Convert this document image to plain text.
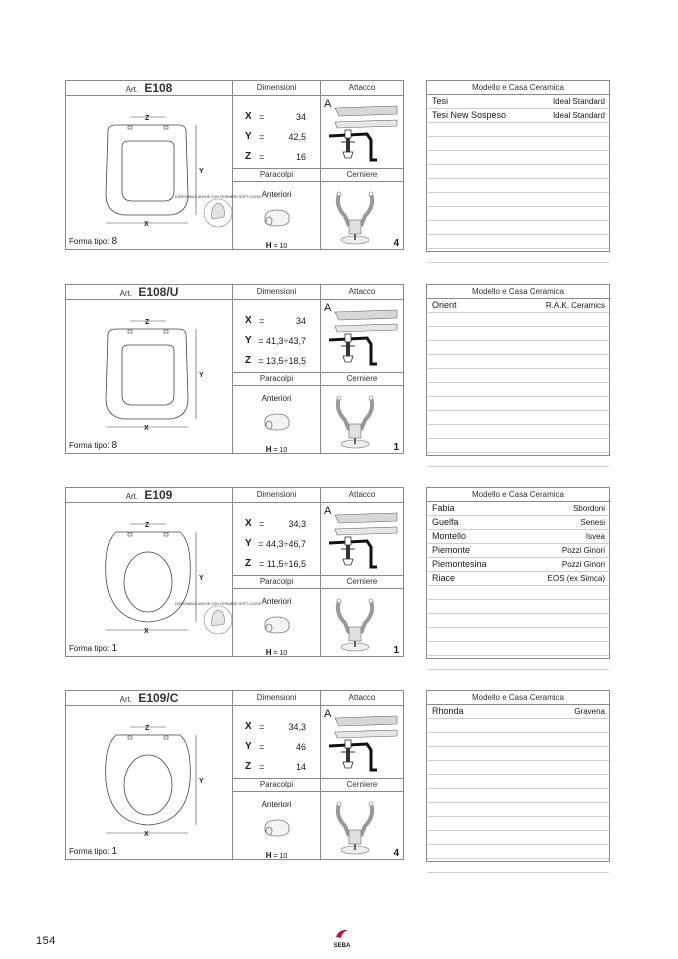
Art. E108
Z
X
Y
DISPONIBILE ANCHE CON CERNIERE SOFT CLOSE
Forma tipo: 8
Dimensioni
X =	34
Y =	42,5
Z =	16
Paracolpi
Anteriori
H = 10
Attacco
A
Cerniere
4
Modello e Casa Ceramica
Tesi	Ideal Standard
Tesi New Sospeso	Ideal Standard
Art. E108/U
Z
X
Y
Forma tipo: 8
Dimensioni
X =	34
Y = 41,3÷43,7
Z = 13,5÷18,5
Paracolpi
Anteriori
H = 10
Attacco
A
Cerniere
1
Modello e Casa Ceramica
Orient	R.A.K. Ceramics
Art. E109
Z
X
Y
DISPONIBILE ANCHE CON CERNIERE SOFT CLOSE
Forma tipo: 1
Dimensioni
X =	34,3
Y = 44,3÷46,7
Z = 11,5÷16,5
Paracolpi
Anteriori
H = 10
Attacco
A
Cerniere
1
Modello e Casa Ceramica
Fabia	Sbordoni
Guelfa	Senesi
Montello	Isvea
Piemonte	Pozzi Ginori
Piemontesina	Pozzi Ginori
Riace	EOS (ex Simca)
Art. E109/C
Z
X
Y
Forma tipo: 1
Dimensioni
X =	34,3
Y =	46
Z =	14
Paracolpi
Anteriori
H = 10
Attacco
A
Cerniere
4
Modello e Casa Ceramica
Rhonda	Gravena
154	SEBA
